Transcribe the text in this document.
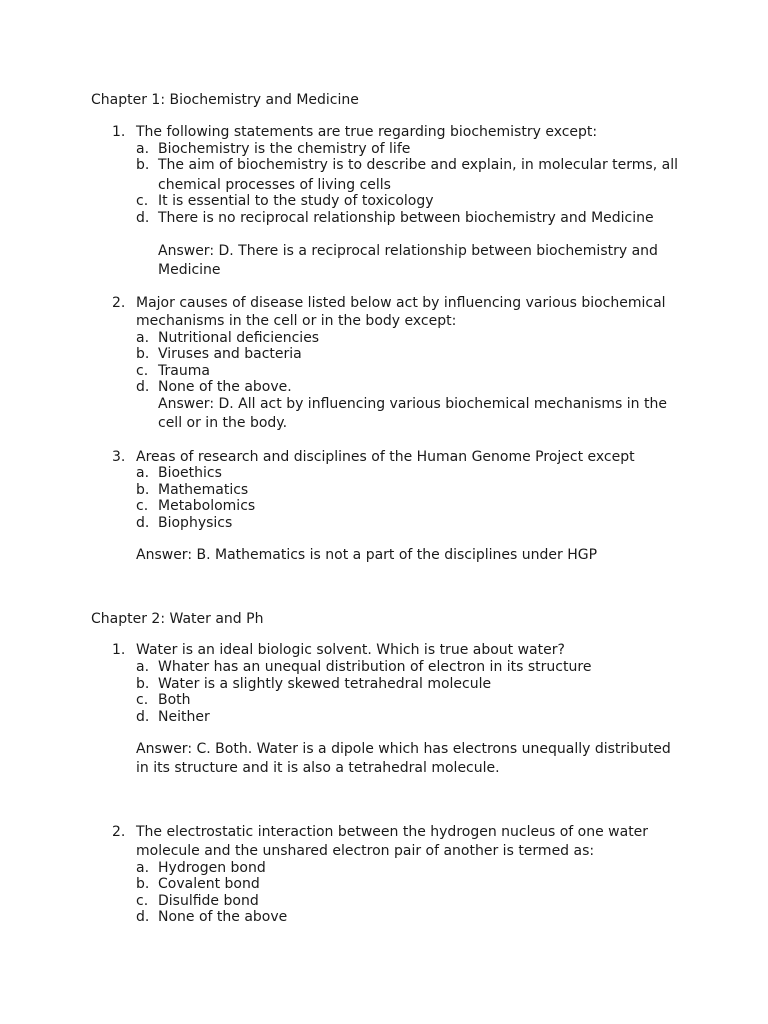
Chapter 1: Biochemistry and Medicine
1. The following statements are true regarding biochemistry except:
a. Biochemistry is the chemistry of life
b. The aim of biochemistry is to describe and explain, in molecular terms, all
chemical processes of living cells
c. It is essential to the study of toxicology
d. There is no reciprocal relationship between biochemistry and Medicine
Answer: D. There is a reciprocal relationship between biochemistry and
Medicine
2. Major causes of disease listed below act by influencing various biochemical
mechanisms in the cell or in the body except:
a. Nutritional deficiencies
b. Viruses and bacteria
c. Trauma
d. None of the above.
Answer: D. All act by influencing various biochemical mechanisms in the
cell or in the body.
3. Areas of research and disciplines of the Human Genome Project except
a. Bioethics
b. Mathematics
c. Metabolomics
d. Biophysics
Answer: B. Mathematics is not a part of the disciplines under HGP
Chapter 2: Water and Ph
1. Water is an ideal biologic solvent. Which is true about water?
a. Whater has an unequal distribution of electron in its structure
b. Water is a slightly skewed tetrahedral molecule
c. Both
d. Neither
Answer: C. Both. Water is a dipole which has electrons unequally distributed
in its structure and it is also a tetrahedral molecule.
2. The electrostatic interaction between the hydrogen nucleus of one water
molecule and the unshared electron pair of another is termed as:
a. Hydrogen bond
b. Covalent bond
c. Disulfide bond
d. None of the above
